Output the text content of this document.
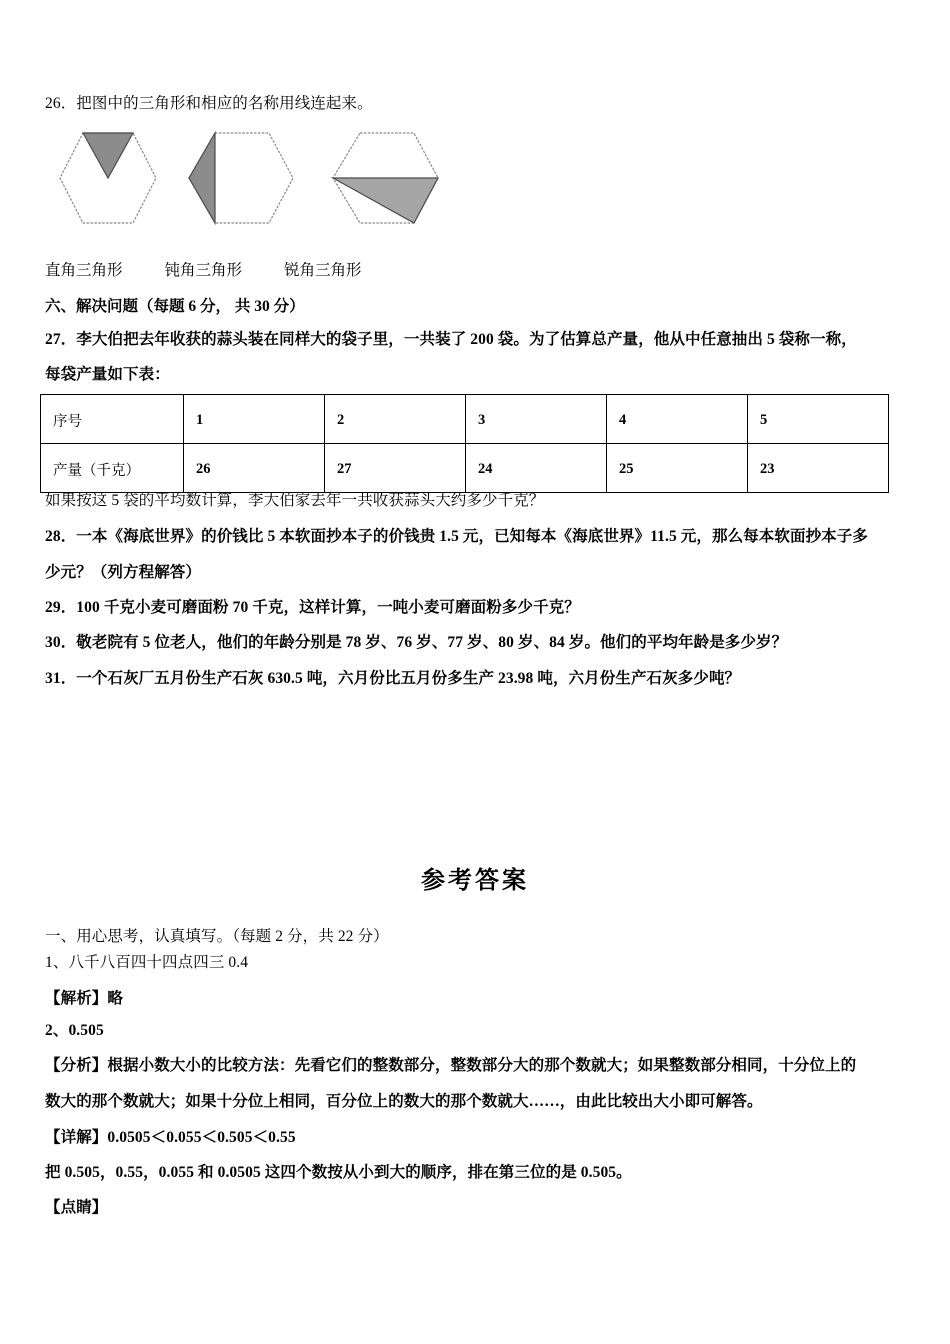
26．把图中的三角形和相应的名称用线连起来。
直角三角形	钝角三角形	锐角三角形
六、解决问题（每题 6 分， 共 30 分）
27．李大伯把去年收获的蒜头装在同样大的袋子里，一共装了 200 袋。为了估算总产量，他从中任意抽出 5 袋称一称，
每袋产量如下表：
序号	1	2	3	4	5
产量（千克）	26	27	24	25	23
如果按这 5 袋的平均数计算，李大伯家去年一共收获蒜头大约多少千克？
28．一本《海底世界》的价钱比 5 本软面抄本子的价钱贵 1.5 元，已知每本《海底世界》11.5 元，那么每本软面抄本子多
少元？（列方程解答）
29．100 千克小麦可磨面粉 70 千克，这样计算，一吨小麦可磨面粉多少千克？
30．敬老院有 5 位老人，他们的年龄分别是 78 岁、76 岁、77 岁、80 岁、84 岁。他们的平均年龄是多少岁？
31．一个石灰厂五月份生产石灰 630.5 吨，六月份比五月份多生产 23.98 吨，六月份生产石灰多少吨？
参考答案
一、用心思考，认真填写。（每题 2 分，共 22 分）
1、八千八百四十四点四三 0.4
【解析】略
2、0.505
【分析】根据小数大小的比较方法：先看它们的整数部分，整数部分大的那个数就大；如果整数部分相同，十分位上的
数大的那个数就大；如果十分位上相同，百分位上的数大的那个数就大……，由此比较出大小即可解答。
【详解】0.0505＜0.055＜0.505＜0.55
把 0.505，0.55，0.055 和 0.0505 这四个数按从小到大的顺序，排在第三位的是 0.505。
【点睛】
